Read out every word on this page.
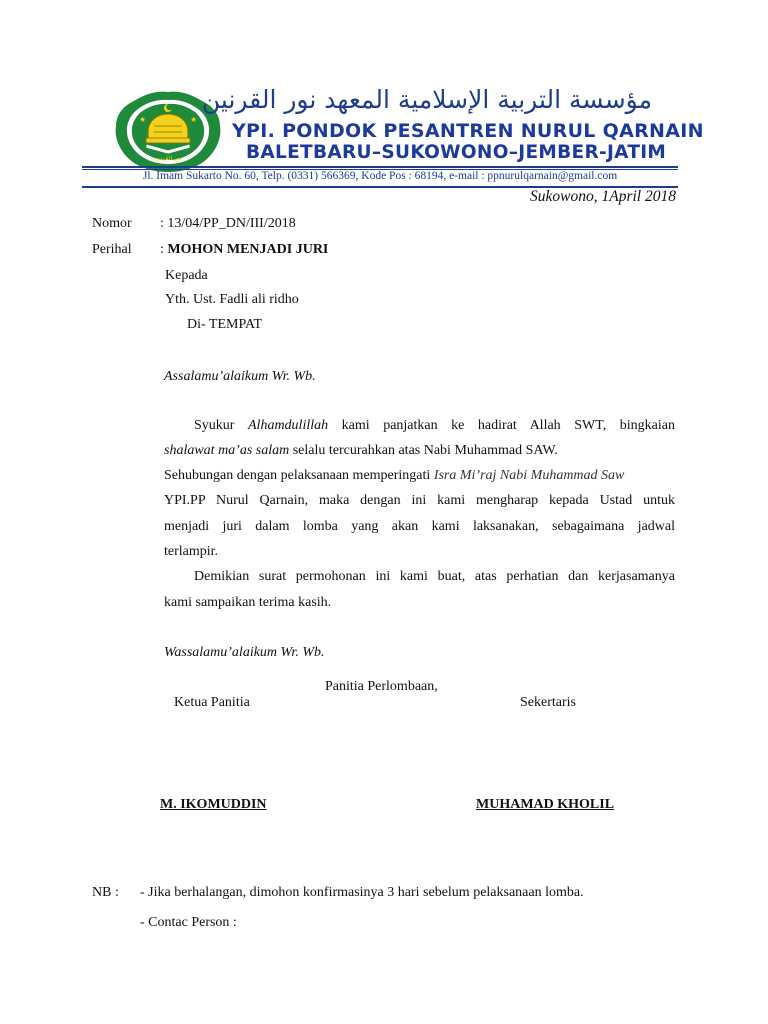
★	★
نور القرنين
مؤسسة التربية الإسلامية المعهد نور القرنين
YPI. PONDOK PESANTREN NURUL QARNAIN
BALETBARU–SUKOWONO–JEMBER-JATIM
Jl. Imam Sukarto No. 60, Telp. (0331) 566369, Kode Pos : 68194, e-mail : ppnurulqarnain@gmail.com
Sukowono, 1April 2018
Nomor : 13/04/PP_DN/III/2018
Perihal : MOHON MENJADI JURI
Kepada
Yth. Ust. Fadli ali ridho
Di- TEMPAT
Assalamu’alaikum Wr. Wb.
Syukur Alhamdulillah kami panjatkan ke hadirat Allah SWT, bingkaian
shalawat ma’as salam selalu tercurahkan atas Nabi Muhammad SAW.
Sehubungan dengan pelaksanaan memperingati Isra Mi’raj Nabi Muhammad Saw
YPI.PP Nurul Qarnain, maka dengan ini kami mengharap kepada Ustad untuk
menjadi juri dalam lomba yang akan kami laksanakan, sebagaimana jadwal
terlampir.
Demikian surat permohonan ini kami buat, atas perhatian dan kerjasamanya
kami sampaikan terima kasih.
Wassalamu’alaikum Wr. Wb.
Panitia Perlombaan,
Ketua Panitia	Sekertaris
M. IKOMUDDIN	MUHAMAD KHOLIL
NB : - Jika berhalangan, dimohon konfirmasinya 3 hari sebelum pelaksanaan lomba.
- Contac Person :
